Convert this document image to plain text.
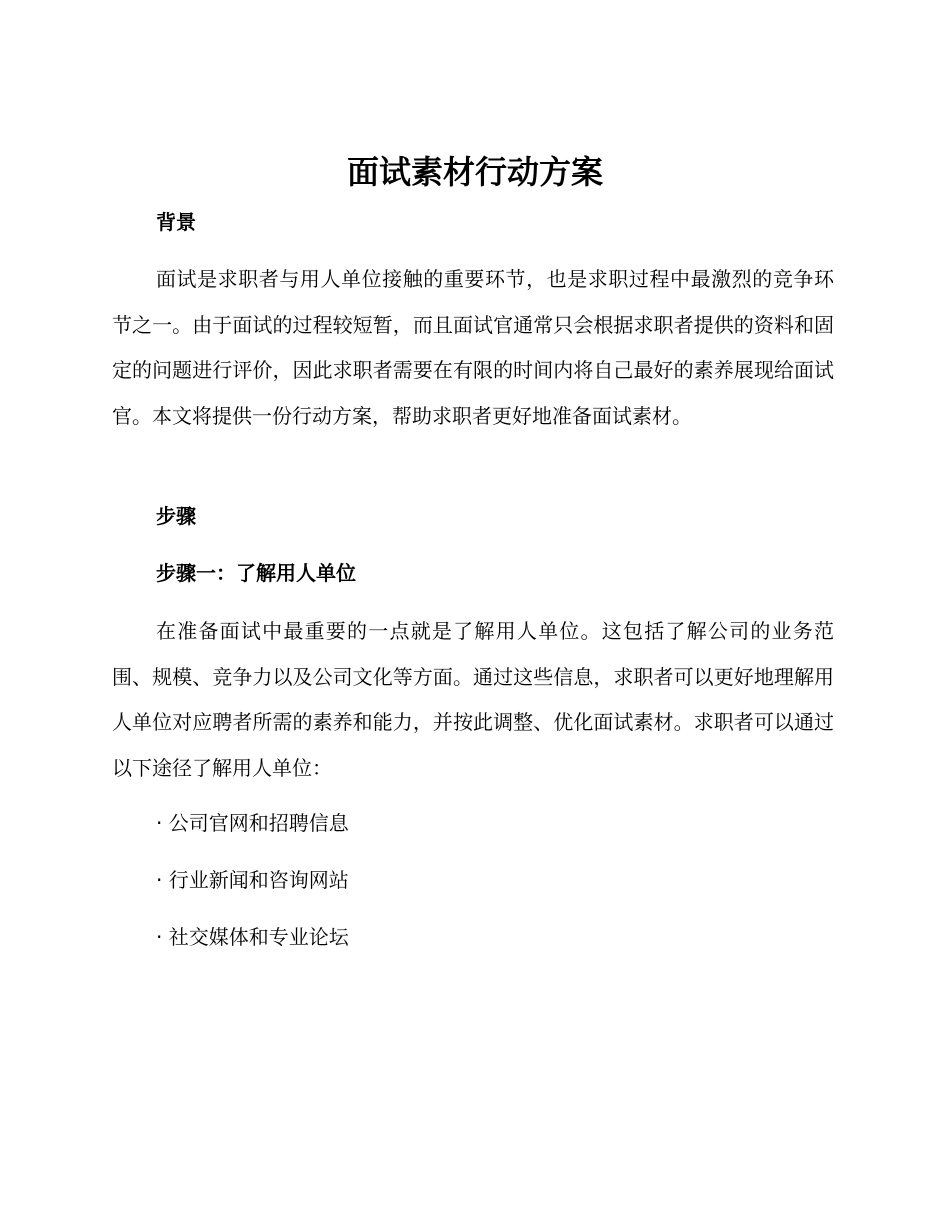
面试素材行动方案
背景

面试是求职者与用人单位接触的重要环节，也是求职过程中最激烈的竞争环节之一。由于面试的过程较短暂，而且面试官通常只会根据求职者提供的资料和固定的问题进行评价，因此求职者需要在有限的时间内将自己最好的素养展现给面试官。本文将提供一份行动方案，帮助求职者更好地准备面试素材。

步骤
步骤一：了解用人单位

在准备面试中最重要的一点就是了解用人单位。这包括了解公司的业务范围、规模、竞争力以及公司文化等方面。通过这些信息，求职者可以更好地理解用人单位对应聘者所需的素养和能力，并按此调整、优化面试素材。求职者可以通过以下途径了解用人单位：

· 公司官网和招聘信息

· 行业新闻和咨询网站

· 社交媒体和专业论坛
